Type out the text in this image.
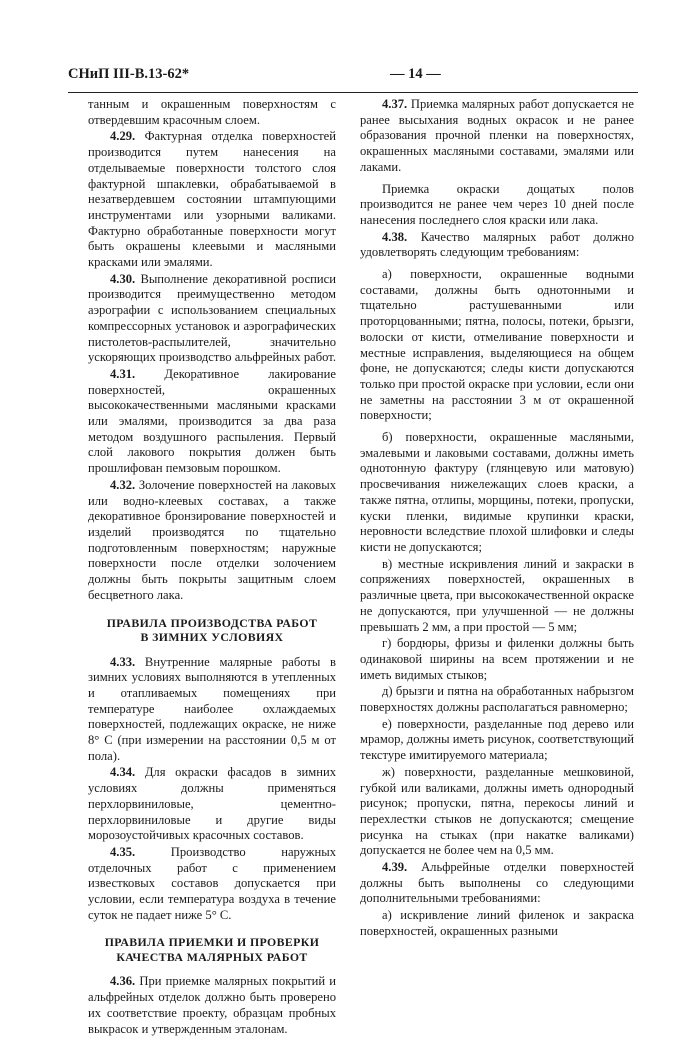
СНиП III-В.13-62*	— 14 —

танным и окрашенным поверхностям с отвердевшим красочным слоем.

4.29. Фактурная отделка поверхностей производится путем нанесения на отделываемые поверхности толстого слоя фактурной шпаклевки, обрабатываемой в незатвердевшем состоянии штампующими инструментами или узорными валиками. Фактурно обработанные поверхности могут быть окрашены клеевыми и масляными красками или эмалями.

4.30. Выполнение декоративной росписи производится преимущественно методом аэрографии с использованием специальных компрессорных установок и аэрографических пистолетов-распылителей, значительно ускоряющих производство альфрейных работ.

4.31. Декоративное лакирование поверхностей, окрашенных высококачественными масляными красками или эмалями, производится за два раза методом воздушного распыления. Первый слой лакового покрытия должен быть прошлифован пемзовым порошком.

4.32. Золочение поверхностей на лаковых или водно-клеевых составах, а также декоративное бронзирование поверхностей и изделий производятся по тщательно подготовленным поверхностям; наружные поверхности после отделки золочением должны быть покрыты защитным слоем бесцветного лака.

ПРАВИЛА ПРОИЗВОДСТВА РАБОТ
В ЗИМНИХ УСЛОВИЯХ

4.33. Внутренние малярные работы в зимних условиях выполняются в утепленных и отапливаемых помещениях при температуре наиболее охлаждаемых поверхностей, подлежащих окраске, не ниже 8° С (при измерении на расстоянии 0,5 м от пола).

4.34. Для окраски фасадов в зимних условиях должны применяться перхлорвиниловые, цементно-перхлорвиниловые и другие виды морозоустойчивых красочных составов.

4.35. Производство наружных отделочных работ с применением известковых составов допускается при условии, если температура воздуха в течение суток не падает ниже 5° С.

ПРАВИЛА ПРИЕМКИ И ПРОВЕРКИ
КАЧЕСТВА МАЛЯРНЫХ РАБОТ

4.36. При приемке малярных покрытий и альфрейных отделок должно быть проверено их соответствие проекту, образцам пробных выкрасок и утвержденным эталонам.

4.37. Приемка малярных работ допускается не ранее высыхания водных окрасок и не ранее образования прочной пленки на поверхностях, окрашенных масляными составами, эмалями или лаками.

Приемка окраски дощатых полов производится не ранее чем через 10 дней после нанесения последнего слоя краски или лака.

4.38. Качество малярных работ должно удовлетворять следующим требованиям:

а) поверхности, окрашенные водными составами, должны быть однотонными и тщательно растушеванными или проторцованными; пятна, полосы, потеки, брызги, волоски от кисти, отмеливание поверхности и местные исправления, выделяющиеся на общем фоне, не допускаются; следы кисти допускаются только при простой окраске при условии, если они не заметны на расстоянии 3 м от окрашенной поверхности;

б) поверхности, окрашенные масляными, эмалевыми и лаковыми составами, должны иметь однотонную фактуру (глянцевую или матовую) просвечивания нижележащих слоев краски, а также пятна, отлипы, морщины, потеки, пропуски, куски пленки, видимые крупинки краски, неровности вследствие плохой шлифовки и следы кисти не допускаются;

в) местные искривления линий и закраски в сопряжениях поверхностей, окрашенных в различные цвета, при высококачественной окраске не допускаются, при улучшенной — не должны превышать 2 мм, а при простой — 5 мм;

г) бордюры, фризы и филенки должны быть одинаковой ширины на всем протяжении и не иметь видимых стыков;

д) брызги и пятна на обработанных набрызгом поверхностях должны располагаться равномерно;

е) поверхности, разделанные под дерево или мрамор, должны иметь рисунок, соответствующий текстуре имитируемого материала;

ж) поверхности, разделанные мешковиной, губкой или валиками, должны иметь однородный рисунок; пропуски, пятна, перекосы линий и перехлестки стыков не допускаются; смещение рисунка на стыках (при накатке валиками) допускается не более чем на 0,5 мм.

4.39. Альфрейные отделки поверхностей должны быть выполнены со следующими дополнительными требованиями:

а) искривление линий филенок и закраска поверхностей, окрашенных разными
